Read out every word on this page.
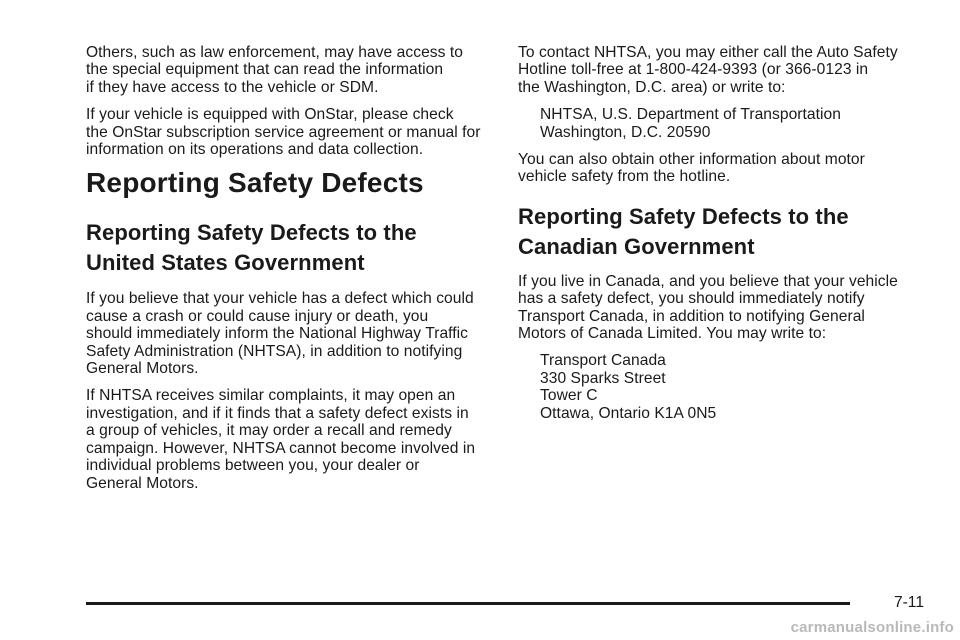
Others, such as law enforcement, may have access to
the special equipment that can read the information
if they have access to the vehicle or SDM.

If your vehicle is equipped with OnStar, please check
the OnStar subscription service agreement or manual for
information on its operations and data collection.

Reporting Safety Defects
Reporting Safety Defects to the
United States Government

If you believe that your vehicle has a defect which could
cause a crash or could cause injury or death, you
should immediately inform the National Highway Traffic
Safety Administration (NHTSA), in addition to notifying
General Motors.

If NHTSA receives similar complaints, it may open an
investigation, and if it finds that a safety defect exists in
a group of vehicles, it may order a recall and remedy
campaign. However, NHTSA cannot become involved in
individual problems between you, your dealer or
General Motors.

To contact NHTSA, you may either call the Auto Safety
Hotline toll-free at 1-800-424-9393 (or 366-0123 in
the Washington, D.C. area) or write to:

NHTSA, U.S. Department of Transportation
Washington, D.C. 20590

You can also obtain other information about motor
vehicle safety from the hotline.

Reporting Safety Defects to the
Canadian Government

If you live in Canada, and you believe that your vehicle
has a safety defect, you should immediately notify
Transport Canada, in addition to notifying General
Motors of Canada Limited. You may write to:

Transport Canada
330 Sparks Street
Tower C
Ottawa, Ontario K1A 0N5

7-11
carmanualsonline.info
